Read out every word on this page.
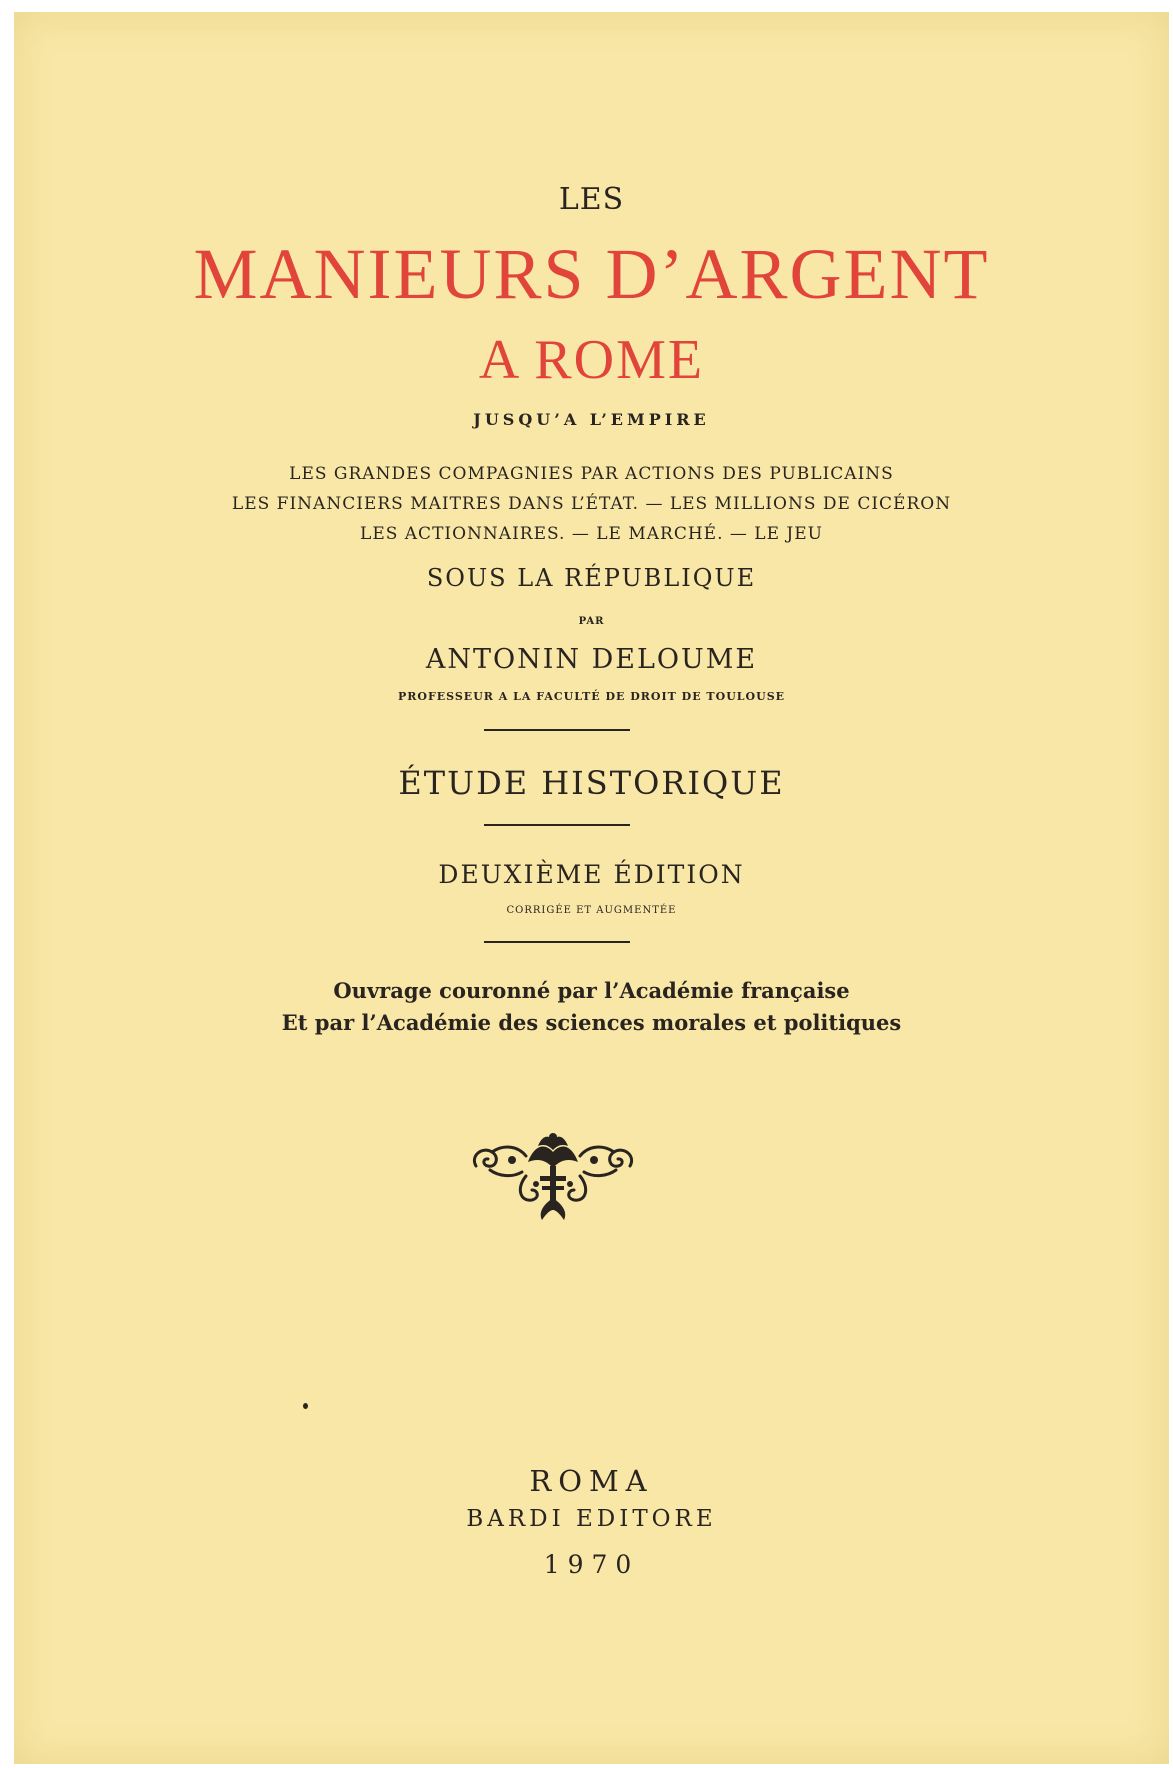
LES
MANIEURS D’ARGENT
A ROME
JUSQU’A L’EMPIRE
LES GRANDES COMPAGNIES PAR ACTIONS DES PUBLICAINS
LES FINANCIERS MAITRES DANS L’ÉTAT. — LES MILLIONS DE CICÉRON
LES ACTIONNAIRES. — LE MARCHÉ. — LE JEU
SOUS LA RÉPUBLIQUE
PAR
ANTONIN DELOUME
PROFESSEUR A LA FACULTÉ DE DROIT DE TOULOUSE
ÉTUDE HISTORIQUE
DEUXIÈME ÉDITION
CORRIGÉE ET AUGMENTÉE
Ouvrage couronné par l’Académie française
Et par l’Académie des sciences morales et politiques
ROMA
BARDI EDITORE
1970
